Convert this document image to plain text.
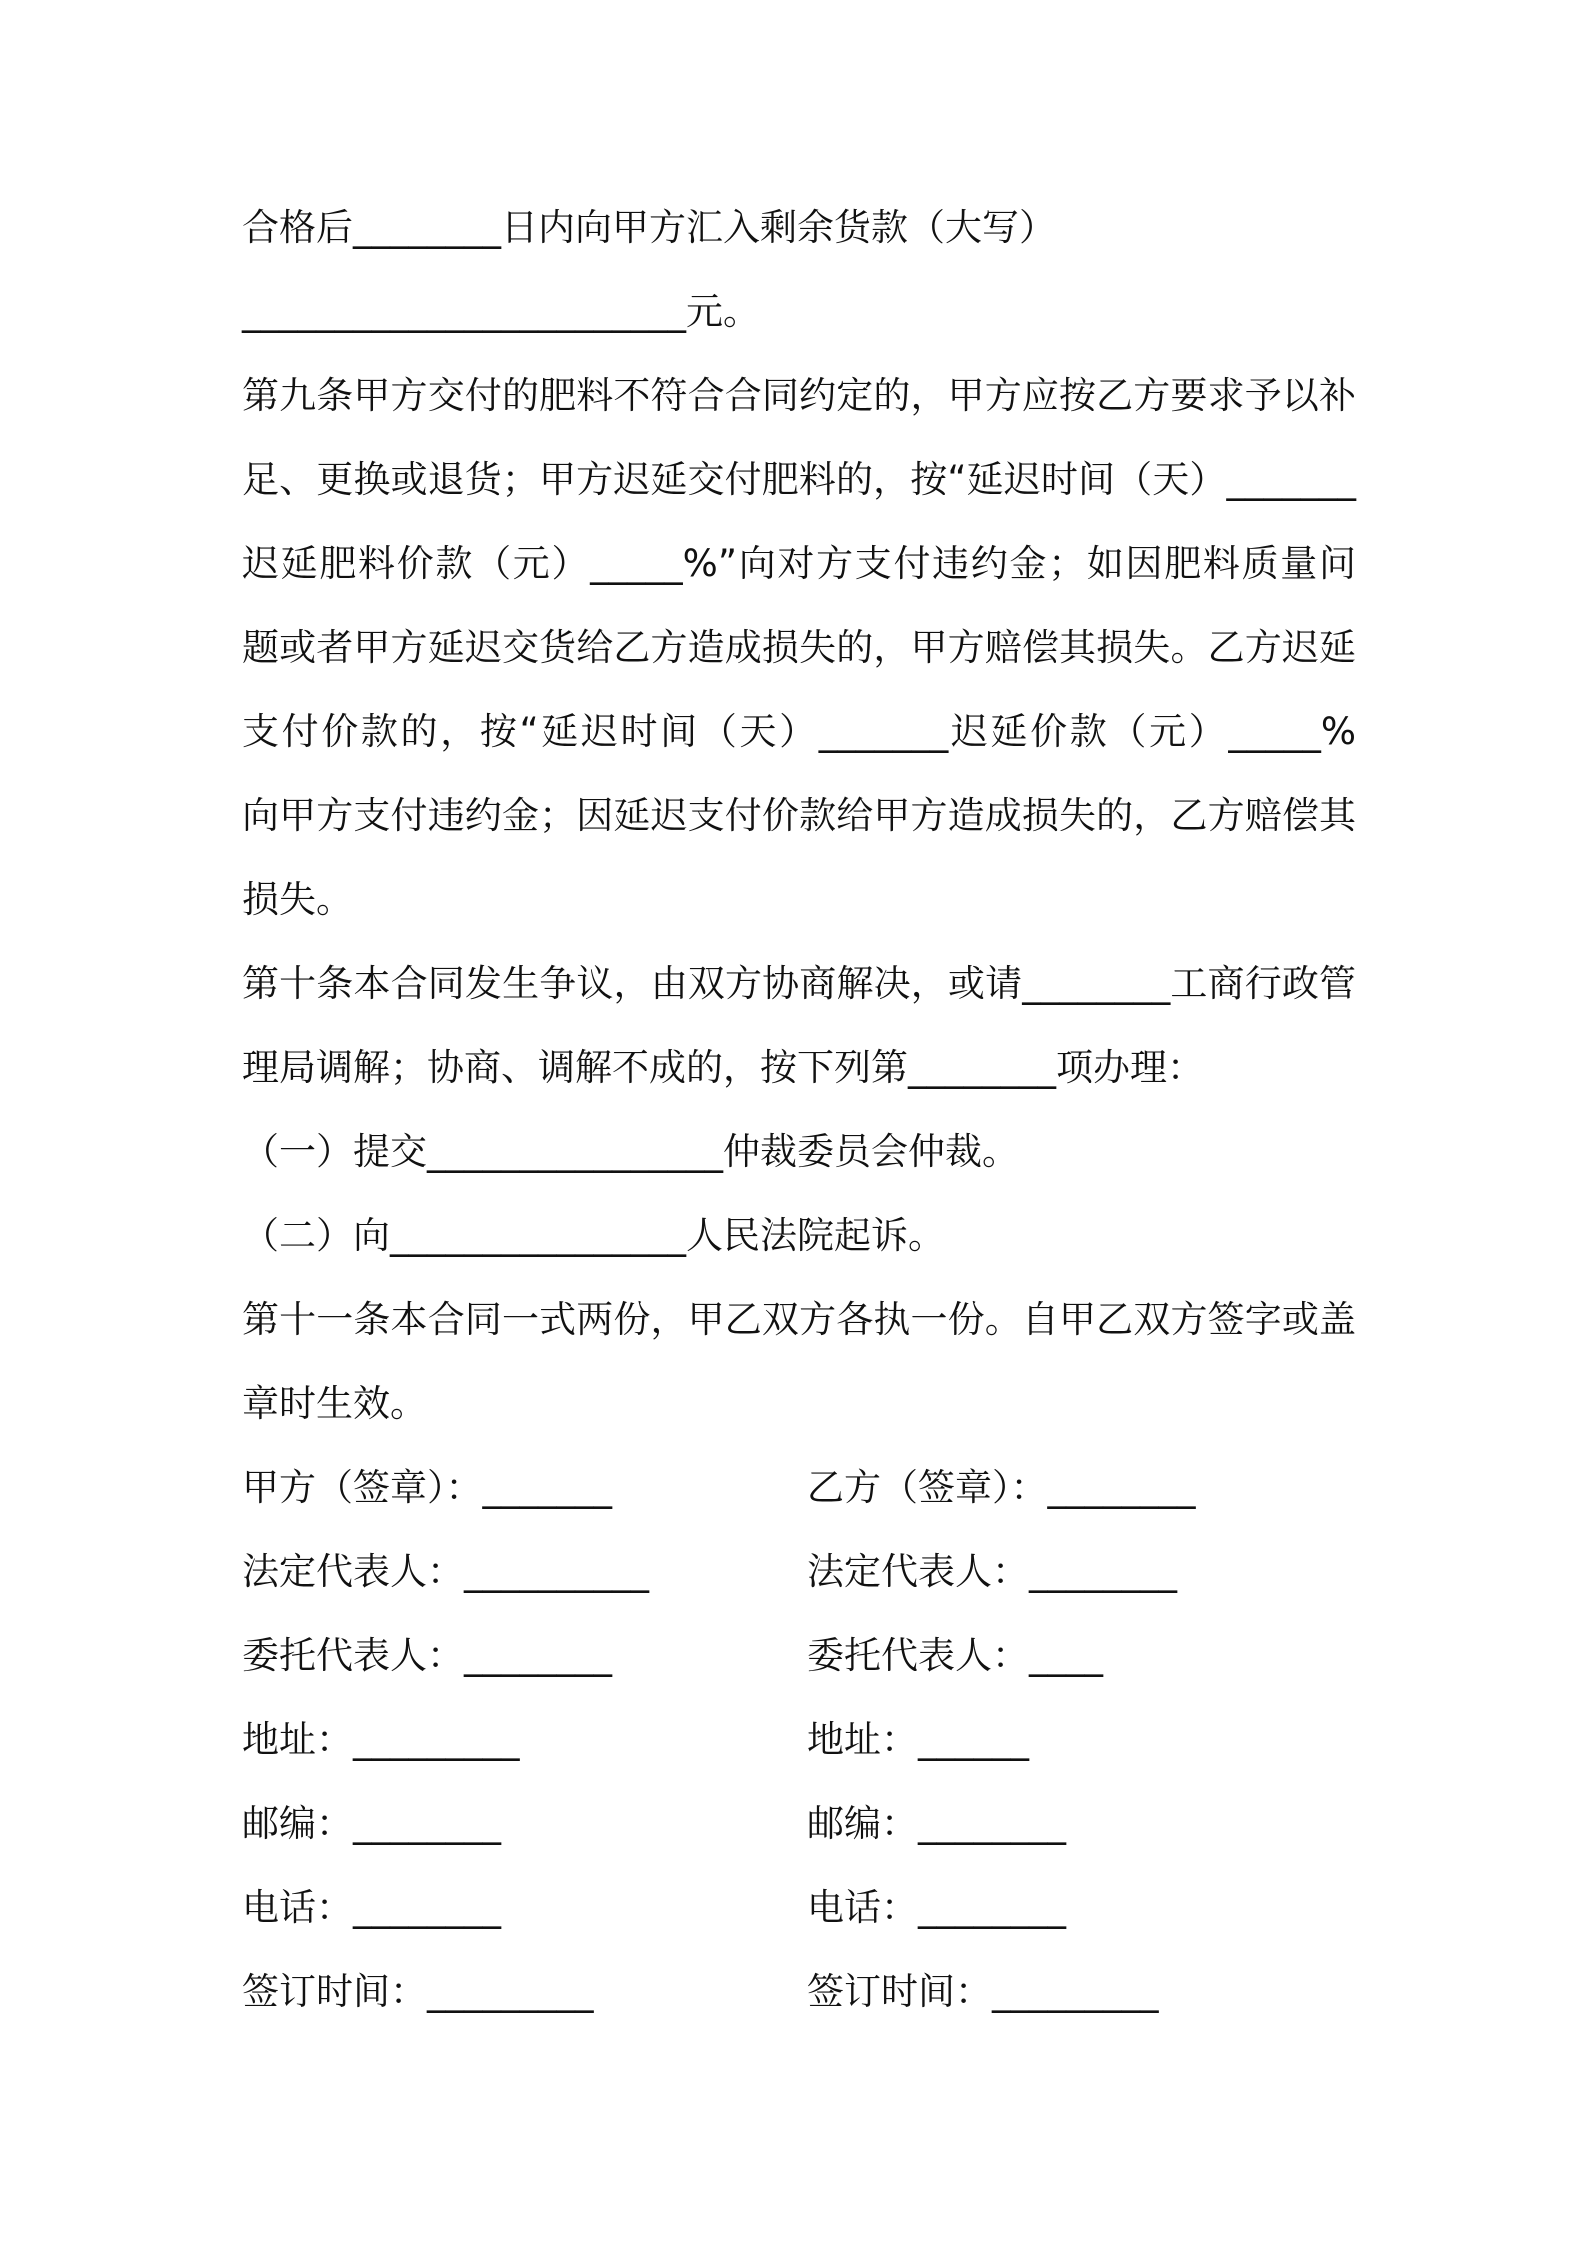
合格后________日内向甲方汇入剩余货款（大写）
________________________元。
第九条甲方交付的肥料不符合合同约定的，甲方应按乙方要求予以补
足、更换或退货；甲方迟延交付肥料的，按“延迟时间（天）_______
迟延肥料价款（元）_____%”向对方支付违约金；如因肥料质量问
题或者甲方延迟交货给乙方造成损失的，甲方赔偿其损失。乙方迟延
支付价款的，按“延迟时间（天）_______迟延价款（元）_____%
向甲方支付违约金；因延迟支付价款给甲方造成损失的，乙方赔偿其
损失。
第十条本合同发生争议，由双方协商解决，或请________工商行政管
理局调解；协商、调解不成的，按下列第________项办理：
（一）提交________________仲裁委员会仲裁。
（二）向________________人民法院起诉。
第十一条本合同一式两份，甲乙双方各执一份。自甲乙双方签字或盖
章时生效。
甲方（签章）：_______	乙方（签章）：________
法定代表人：__________	法定代表人：________
委托代表人：________	委托代表人：____
地址：_________	地址：______
邮编：________	邮编：________
电话：________	电话：________
签订时间：_________	签订时间：_________
